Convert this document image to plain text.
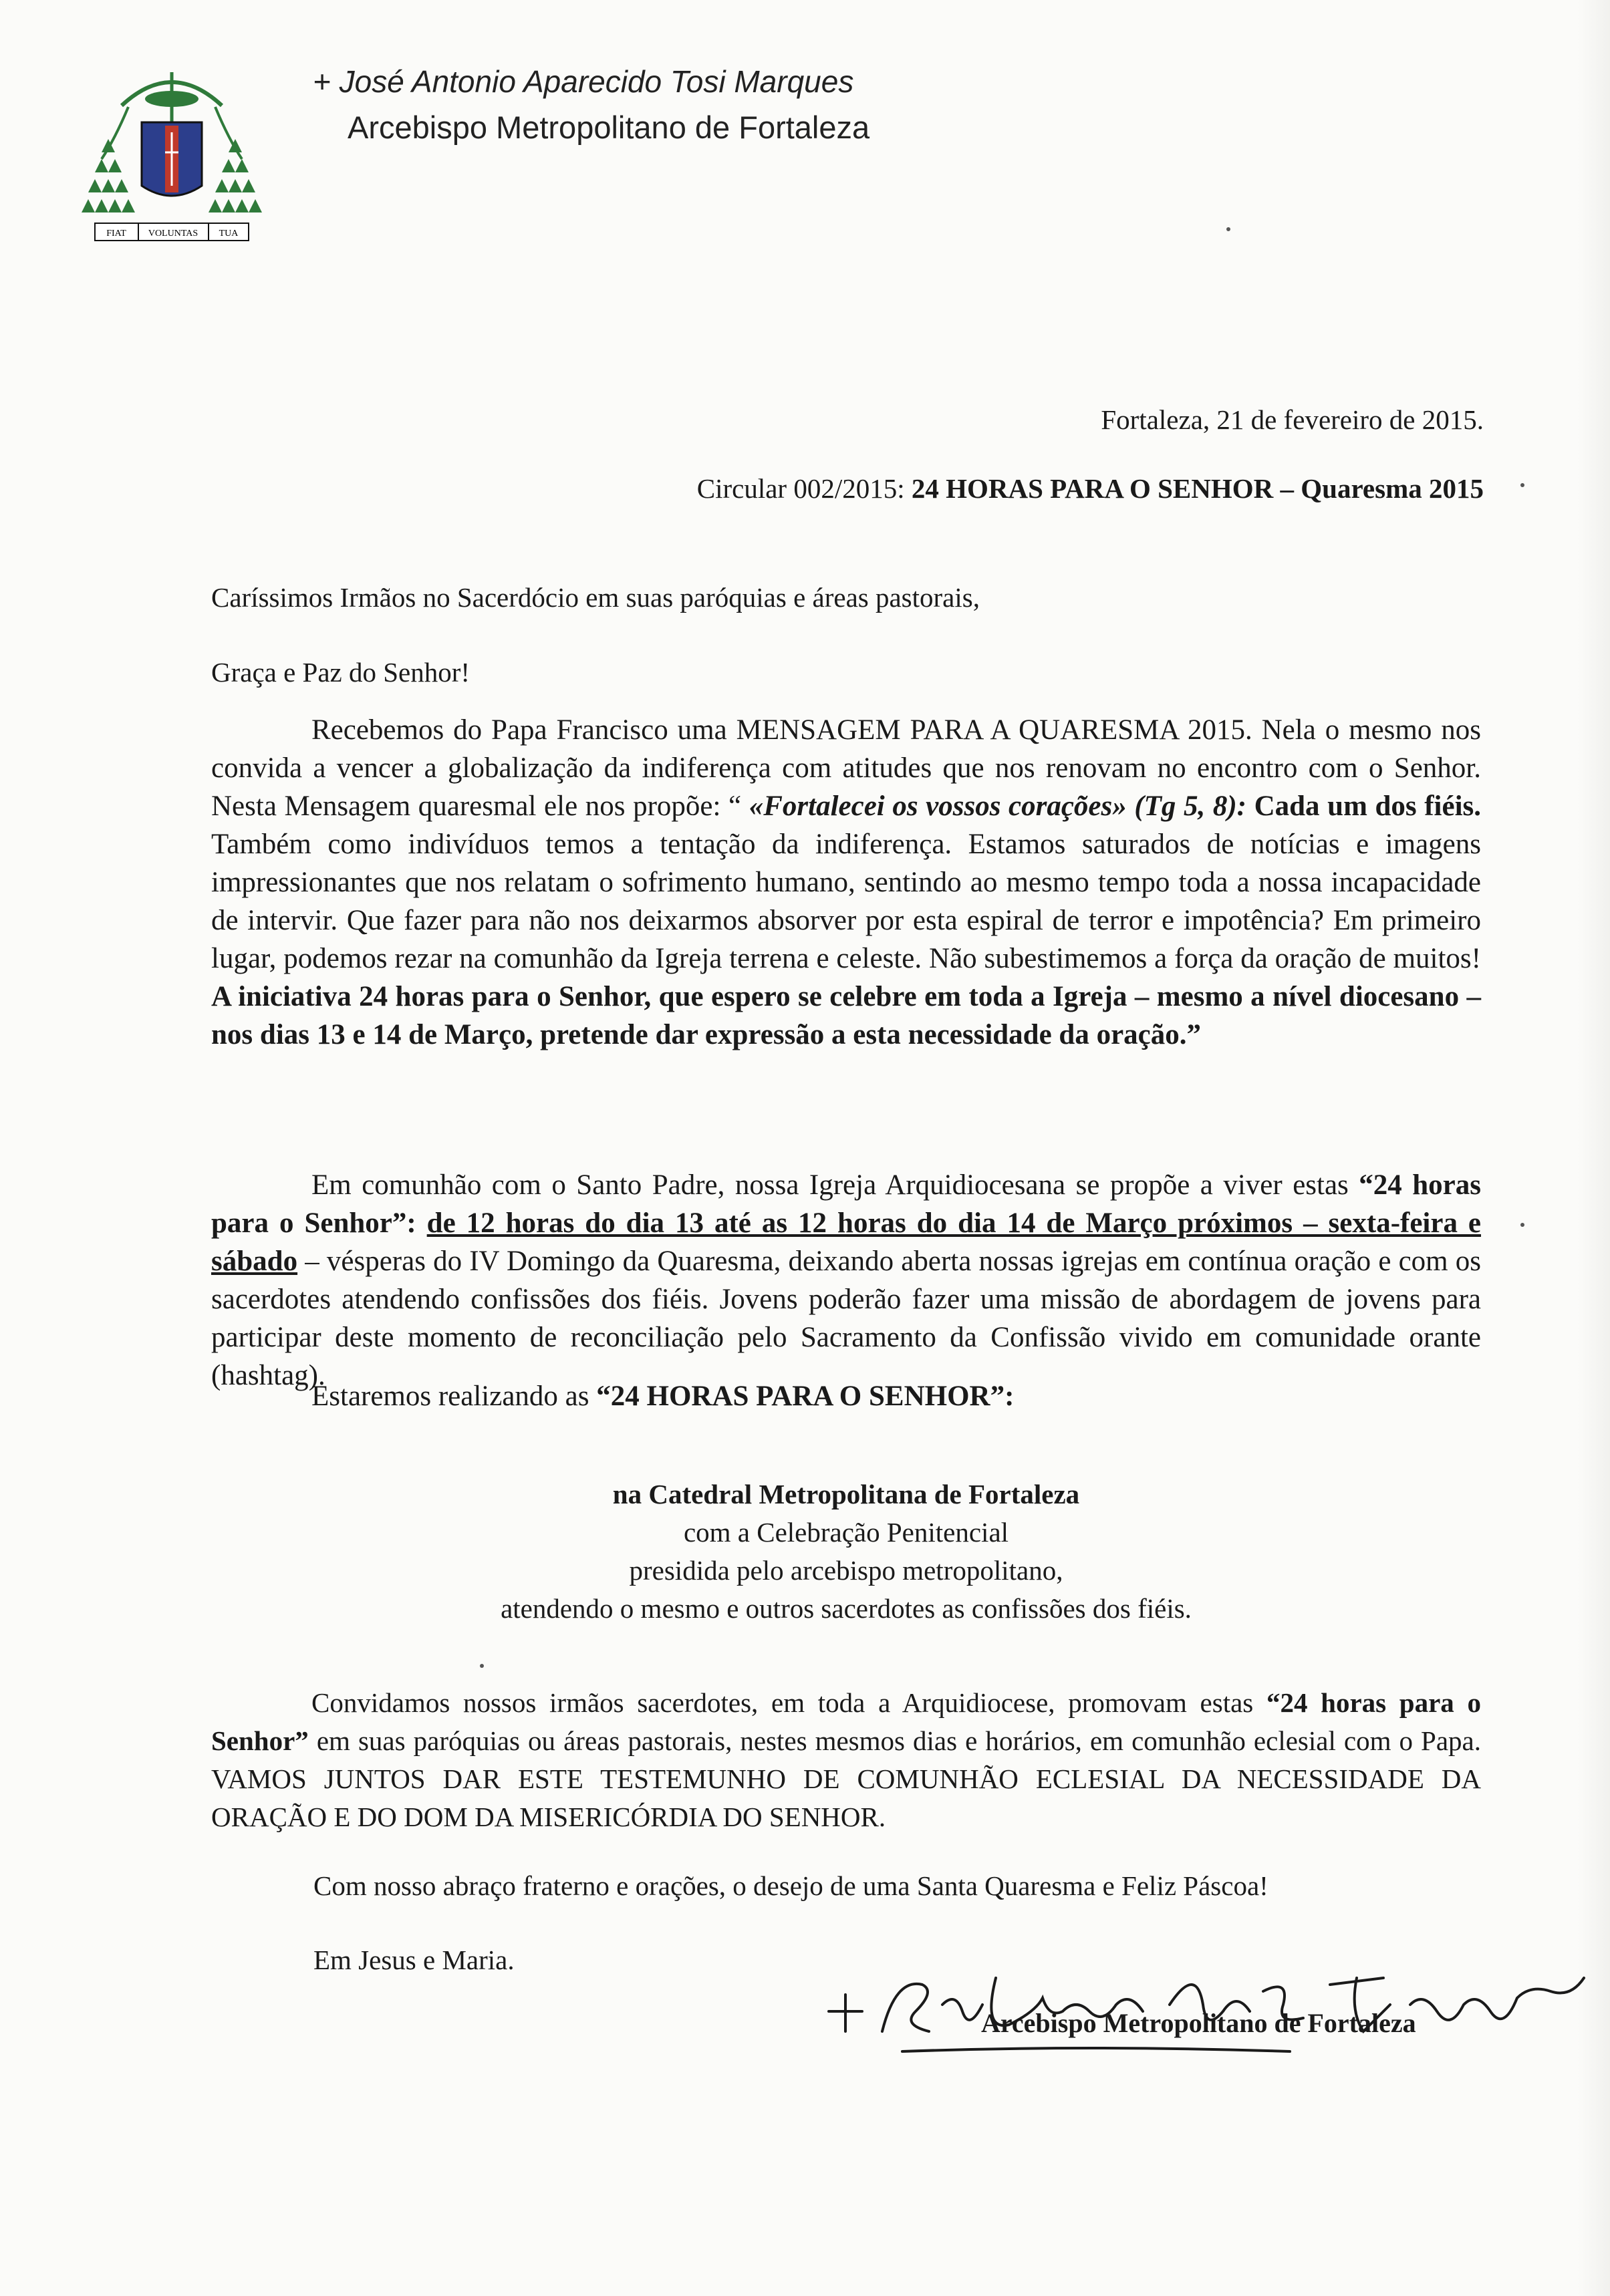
FIAT VOLUNTAS TUA

+ José Antonio Aparecido Tosi Marques

Arcebispo Metropolitano de Fortaleza

Fortaleza, 21 de fevereiro de 2015.
Circular 002/2015: 24 HORAS PARA O SENHOR – Quaresma 2015
Caríssimos Irmãos no Sacerdócio em suas paróquias e áreas pastorais,
Graça e Paz do Senhor!

Recebemos do Papa Francisco uma MENSAGEM PARA A QUARESMA 2015. Nela o mesmo nos convida a vencer a globalização da indiferença com atitudes que nos renovam no encontro com o Senhor. Nesta Mensagem quaresmal ele nos propõe: “ «Fortalecei os vossos corações» (Tg 5, 8): Cada um dos fiéis. Também como indivíduos temos a tentação da indiferença. Estamos saturados de notícias e imagens impressionantes que nos relatam o sofrimento humano, sentindo ao mesmo tempo toda a nossa incapacidade de intervir. Que fazer para não nos deixarmos absorver por esta espiral de terror e impotência? Em primeiro lugar, podemos rezar na comunhão da Igreja terrena e celeste. Não subestimemos a força da oração de muitos! A iniciativa 24 horas para o Senhor, que espero se celebre em toda a Igreja – mesmo a nível diocesano – nos dias 13 e 14 de Março, pretende dar expressão a esta necessidade da oração.”

Em comunhão com o Santo Padre, nossa Igreja Arquidiocesana se propõe a viver estas “24 horas para o Senhor”: de 12 horas do dia 13 até as 12 horas do dia 14 de Março próximos – sexta-feira e sábado – vésperas do IV Domingo da Quaresma, deixando aberta nossas igrejas em contínua oração e com os sacerdotes atendendo confissões dos fiéis. Jovens poderão fazer uma missão de abordagem de jovens para participar deste momento de reconciliação pelo Sacramento da Confissão vivido em comunidade orante (hashtag).

Estaremos realizando as “24 HORAS PARA O SENHOR”:

na Catedral Metropolitana de Fortaleza
com a Celebração Penitencial
presidida pelo arcebispo metropolitano,
atendendo o mesmo e outros sacerdotes as confissões dos fiéis.

Convidamos nossos irmãos sacerdotes, em toda a Arquidiocese, promovam estas “24 horas para o Senhor” em suas paróquias ou áreas pastorais, nestes mesmos dias e horários, em comunhão eclesial com o Papa. VAMOS JUNTOS DAR ESTE TESTEMUNHO DE COMUNHÃO ECLESIAL DA NECESSIDADE DA ORAÇÃO E DO DOM DA MISERICÓRDIA DO SENHOR.

Com nosso abraço fraterno e orações, o desejo de uma Santa Quaresma e Feliz Páscoa!
Em Jesus e Maria.
Arcebispo Metropolitano de Fortaleza
